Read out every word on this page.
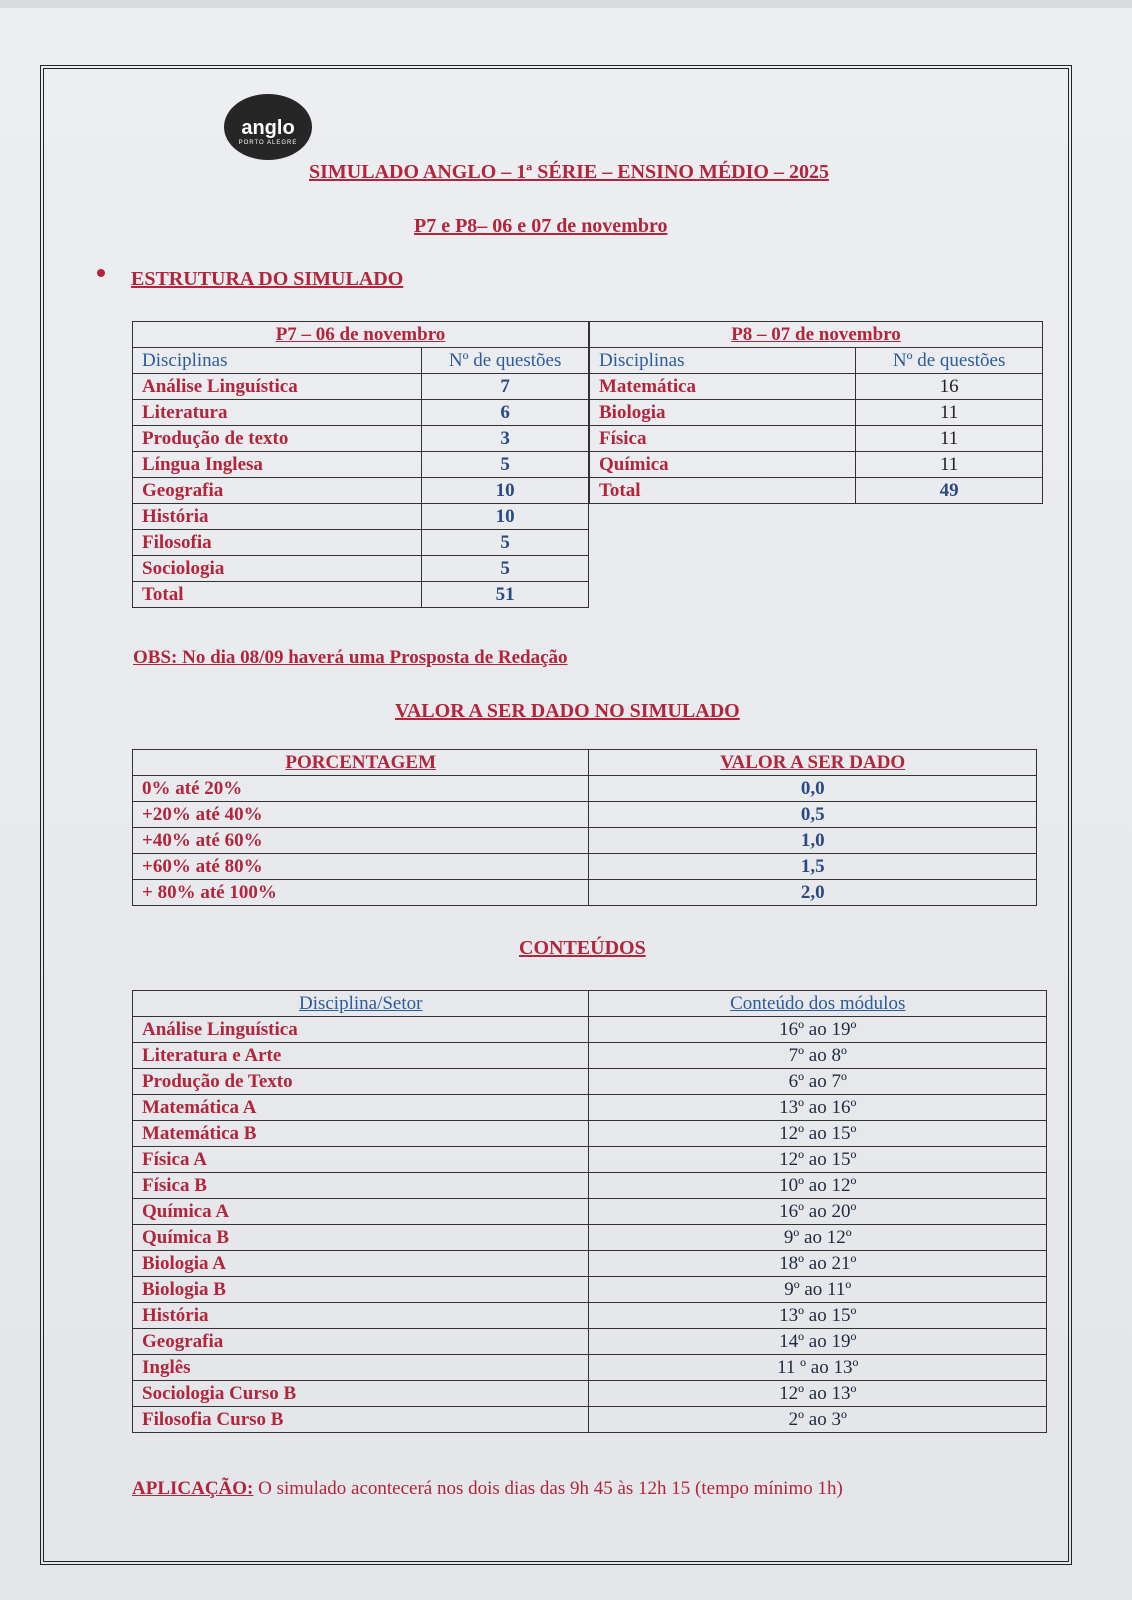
anglo
PORTO ALEGRE
SIMULADO ANGLO – 1ª SÉRIE – ENSINO MÉDIO – 2025
P7 e P8– 06 e 07 de novembro
ESTRUTURA DO SIMULADO
P7 – 06 de novembro	
Disciplinas	Nº de questões
Análise Linguística	7
Literatura	6
Produção de texto	3
Língua Inglesa	5
Geografia	10
História	10
Filosofia	5
Sociologia	5
Total	51
P8 – 07 de novembro	
Disciplinas	Nº de questões
Matemática	16
Biologia	11
Física	11
Química	11
Total	49
OBS: No dia 08/09 haverá uma Prosposta de Redação
VALOR A SER DADO NO SIMULADO
PORCENTAGEM	VALOR A SER DADO
0% até 20%	0,0
+20% até 40%	0,5
+40% até 60%	1,0
+60% até 80%	1,5
+ 80% até 100%	2,0
CONTEÚDOS
Disciplina/Setor	Conteúdo dos módulos
Análise Linguística	16º ao 19º
Literatura e Arte	7º ao 8º
Produção de Texto	6º ao 7º
Matemática A	13º ao 16º
Matemática B	12º ao 15º
Física A	12º ao 15º
Física B	10º ao 12º
Química A	16º ao 20º
Química B	9º ao 12º
Biologia A	18º ao 21º
Biologia B	9º ao 11º
História	13º ao 15º
Geografia	14º ao 19º
Inglês	11 º ao 13º
Sociologia Curso B	12º ao 13º
Filosofia Curso B	2º ao 3º
APLICAÇÃO: O simulado acontecerá nos dois dias das 9h 45 às 12h 15 (tempo mínimo 1h)
